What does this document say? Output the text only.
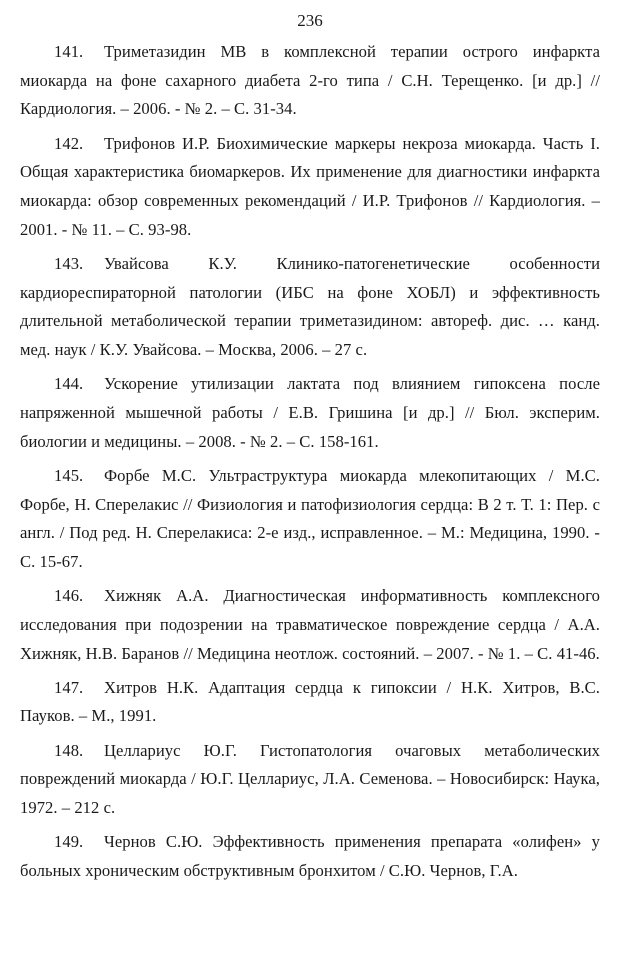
236

141. Триметазидин МВ в комплексной терапии острого инфаркта миокарда на фоне сахарного диабета 2-го типа / С.Н. Терещенко. [и др.] // Кардиология. – 2006. - № 2. – С. 31-34.

142. Трифонов И.Р. Биохимические маркеры некроза миокарда. Часть I. Общая характеристика биомаркеров. Их применение для диагностики инфаркта миокарда: обзор современных рекомендаций / И.Р. Трифонов // Кардиология. – 2001. - № 11. – С. 93-98.

143. Увайсова К.У. Клинико-патогенетические особенности кардиореспираторной патологии (ИБС на фоне ХОБЛ) и эффективность длительной метаболической терапии триметазидином: автореф. дис. … канд. мед. наук / К.У. Увайсова. – Москва, 2006. – 27 с.

144. Ускорение утилизации лактата под влиянием гипоксена после напряженной мышечной работы / Е.В. Гришина [и др.] // Бюл. эксперим. биологии и медицины. – 2008. - № 2. – С. 158-161.

145. Форбе М.С. Ультраструктура миокарда млекопитающих / М.С. Форбе, Н. Сперелакис // Физиология и патофизиология сердца: В 2 т. Т. 1: Пер. с англ. / Под ред. Н. Сперелакиса: 2-е изд., исправленное. – М.: Медицина, 1990. - С. 15-67.

146. Хижняк А.А. Диагностическая информативность комплексного исследования при подозрении на травматическое повреждение сердца / А.А. Хижняк, Н.В. Баранов // Медицина неотлож. состояний. – 2007. - № 1. – С. 41-46.

147. Хитров Н.К. Адаптация сердца к гипоксии / Н.К. Хитров, В.С. Пауков. – М., 1991.

148. Целлариус Ю.Г. Гистопатология очаговых метаболических повреждений миокарда / Ю.Г. Целлариус, Л.А. Семенова. – Новосибирск: Наука, 1972. – 212 с.

149. Чернов С.Ю. Эффективность применения препарата «олифен» у больных хроническим обструктивным бронхитом / С.Ю. Чернов, Г.А.
